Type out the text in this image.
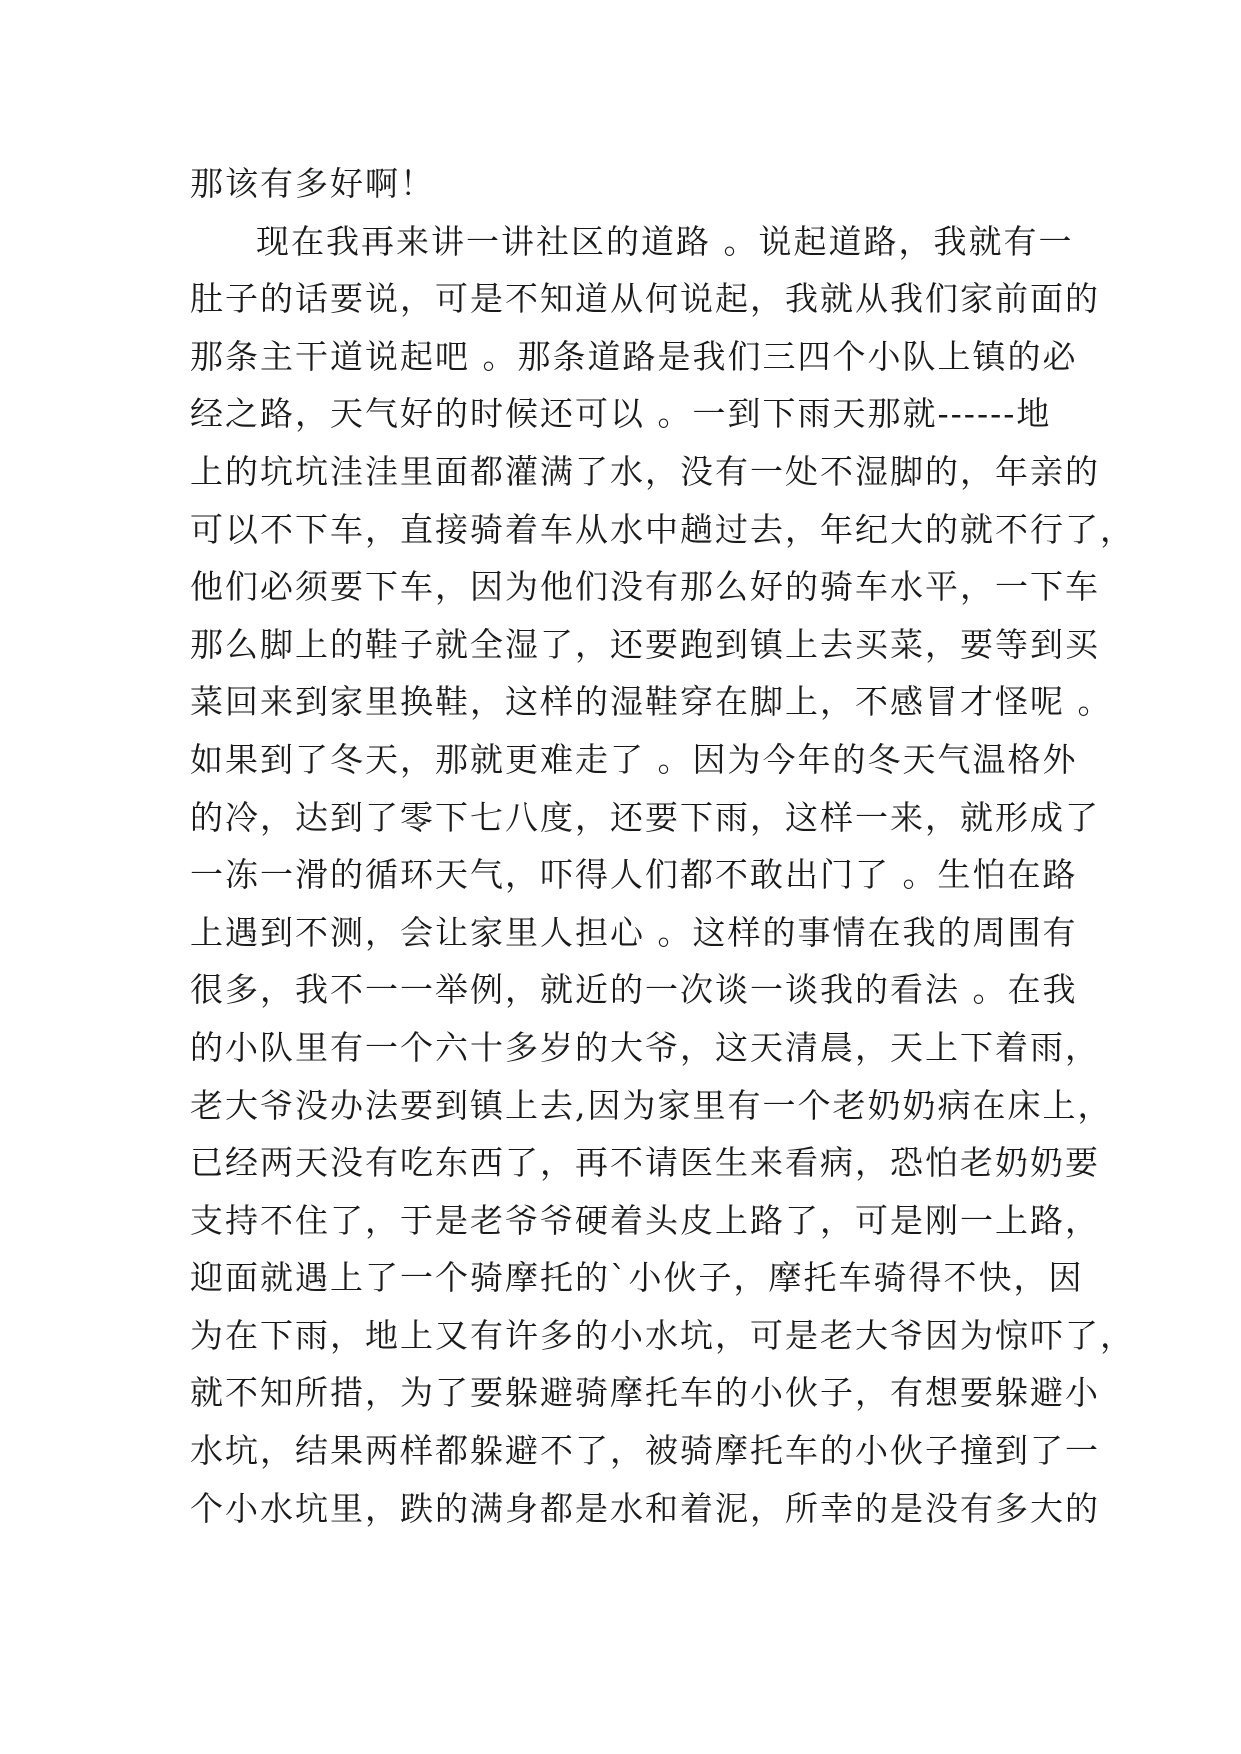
那该有多好啊！
现在我再来讲一讲社区的道路 。说起道路，我就有一
肚子的话要说，可是不知道从何说起，我就从我们家前面的
那条主干道说起吧 。那条道路是我们三四个小队上镇的必
经之路，天气好的时候还可以 。一到下雨天那就------地
上的坑坑洼洼里面都灌满了水，没有一处不湿脚的，年亲的
可以不下车，直接骑着车从水中趟过去，年纪大的就不行了，
他们必须要下车，因为他们没有那么好的骑车水平，一下车
那么脚上的鞋子就全湿了，还要跑到镇上去买菜，要等到买
菜回来到家里换鞋，这样的湿鞋穿在脚上，不感冒才怪呢 。
如果到了冬天，那就更难走了 。因为今年的冬天气温格外
的冷，达到了零下七八度，还要下雨，这样一来，就形成了
一冻一滑的循环天气，吓得人们都不敢出门了 。生怕在路
上遇到不测，会让家里人担心 。这样的事情在我的周围有
很多，我不一一举例，就近的一次谈一谈我的看法 。在我
的小队里有一个六十多岁的大爷，这天清晨，天上下着雨，
老大爷没办法要到镇上去,因为家里有一个老奶奶病在床上，
已经两天没有吃东西了，再不请医生来看病，恐怕老奶奶要
支持不住了，于是老爷爷硬着头皮上路了，可是刚一上路，
迎面就遇上了一个骑摩托的`小伙子，摩托车骑得不快，因
为在下雨，地上又有许多的小水坑，可是老大爷因为惊吓了，
就不知所措，为了要躲避骑摩托车的小伙子，有想要躲避小
水坑，结果两样都躲避不了，被骑摩托车的小伙子撞到了一
个小水坑里，跌的满身都是水和着泥，所幸的是没有多大的
